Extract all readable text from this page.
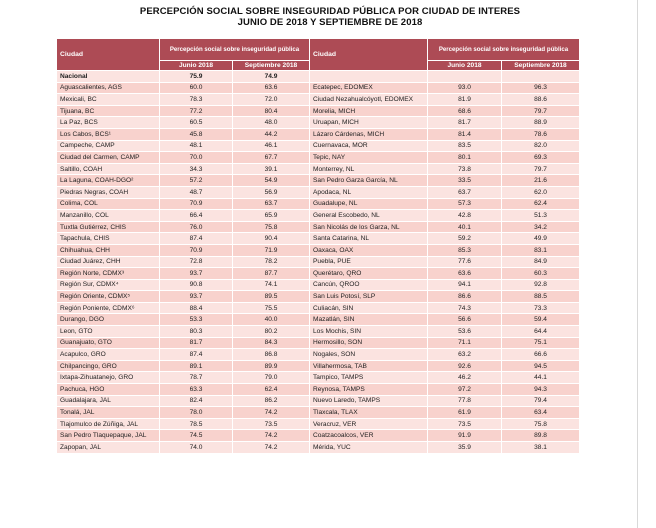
PERCEPCIÓN SOCIAL SOBRE INSEGURIDAD PÚBLICA POR CIUDAD DE INTERES
JUNIO DE 2018 Y SEPTIEMBRE DE 2018
Ciudad	Percepción social sobre inseguridad pública		Ciudad	Percepción social sobre inseguridad pública	
	Junio 2018	Septiembre 2018		Junio 2018	Septiembre 2018
Nacional	75.9	74.9			
Aguascalientes, AGS	60.0	63.6	Ecatepec, EDOMEX	93.0	96.3
Mexicali, BC	78.3	72.0	Ciudad Nezahualcóyotl, EDOMEX	81.9	88.6
Tijuana, BC	77.2	80.4	Morelia, MICH	68.6	79.7
La Paz, BCS	60.5	48.0	Uruapan, MICH	81.7	88.9
Los Cabos, BCS¹	45.8	44.2	Lázaro Cárdenas, MICH	81.4	78.6
Campeche, CAMP	48.1	46.1	Cuernavaca, MOR	83.5	82.0
Ciudad del Carmen, CAMP	70.0	67.7	Tepic, NAY	80.1	69.3
Saltillo, COAH	34.3	39.1	Monterrey, NL	73.8	79.7
La Laguna, COAH-DGO²	57.2	54.9	San Pedro Garza García, NL	33.5	21.6
Piedras Negras, COAH	48.7	56.9	Apodaca, NL	63.7	62.0
Colima, COL	70.9	63.7	Guadalupe, NL	57.3	62.4
Manzanillo, COL	66.4	65.9	General Escobedo, NL	42.8	51.3
Tuxtla Gutiérrez, CHIS	76.0	75.8	San Nicolás de los Garza, NL	40.1	34.2
Tapachula, CHIS	87.4	90.4	Santa Catarina, NL	59.2	49.9
Chihuahua, CHH	70.9	71.9	Oaxaca, OAX	85.3	83.1
Ciudad Juárez, CHH	72.8	78.2	Puebla, PUE	77.6	84.9
Región Norte, CDMX³	93.7	87.7	Querétaro, QRO	63.6	60.3
Región Sur, CDMX⁴	90.8	74.1	Cancún, QROO	94.1	92.8
Región Oriente, CDMX⁵	93.7	89.5	San Luis Potosí, SLP	86.6	88.5
Región Poniente, CDMX⁶	88.4	75.5	Culiacán, SIN	74.3	73.3
Durango, DGO	53.3	40.0	Mazatlán, SIN	56.6	59.4
Leon, GTO	80.3	80.2	Los Mochis, SIN	53.6	64.4
Guanajuato, GTO	81.7	84.3	Hermosillo, SON	71.1	75.1
Acapulco, GRO	87.4	86.8	Nogales, SON	63.2	66.6
Chilpancingo, GRO	89.1	89.9	Villahermosa, TAB	92.6	94.5
Ixtapa-Zihuatanejo, GRO	78.7	79.0	Tampico, TAMPS	46.2	44.1
Pachuca, HGO	63.3	62.4	Reynosa, TAMPS	97.2	94.3
Guadalajara, JAL	82.4	86.2	Nuevo Laredo, TAMPS	77.8	79.4
Tonalá, JAL	78.0	74.2	Tlaxcala, TLAX	61.9	63.4
Tlajomulco de Zúñiga, JAL	78.5	73.5	Veracruz, VER	73.5	75.8
San Pedro Tlaquepaque, JAL	74.5	74.2	Coatzacoalcos, VER	91.9	89.8
Zapopan, JAL	74.0	74.2	Mérida, YUC	35.9	38.1
